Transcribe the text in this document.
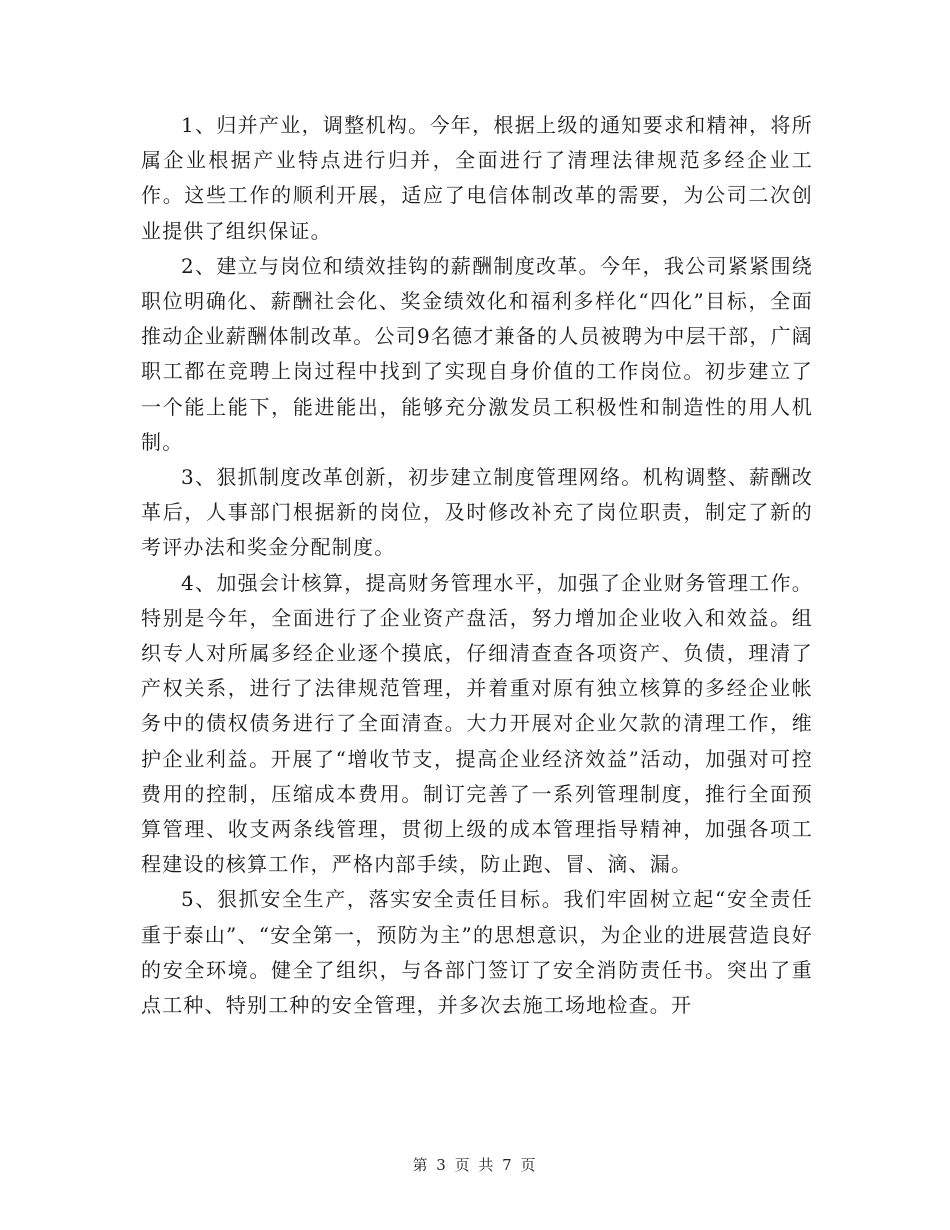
1、归并产业，调整机构。今年，根据上级的通知要求和精神，将所属企业根据产业特点进行归并，全面进行了清理法律规范多经企业工作。这些工作的顺利开展，适应了电信体制改革的需要，为公司二次创业提供了组织保证。

2、建立与岗位和绩效挂钩的薪酬制度改革。今年，我公司紧紧围绕职位明确化、薪酬社会化、奖金绩效化和福利多样化“四化”目标，全面推动企业薪酬体制改革。公司9名德才兼备的人员被聘为中层干部，广阔职工都在竞聘上岗过程中找到了实现自身价值的工作岗位。初步建立了一个能上能下，能进能出，能够充分激发员工积极性和制造性的用人机制。

3、狠抓制度改革创新，初步建立制度管理网络。机构调整、薪酬改革后，人事部门根据新的岗位，及时修改补充了岗位职责，制定了新的考评办法和奖金分配制度。

4、加强会计核算，提高财务管理水平，加强了企业财务管理工作。特别是今年，全面进行了企业资产盘活，努力增加企业收入和效益。组织专人对所属多经企业逐个摸底，仔细清查查各项资产、负债，理清了产权关系，进行了法律规范管理，并着重对原有独立核算的多经企业帐务中的债权债务进行了全面清查。大力开展对企业欠款的清理工作，维护企业利益。开展了“增收节支，提高企业经济效益”活动，加强对可控费用的控制，压缩成本费用。制订完善了一系列管理制度，推行全面预算管理、收支两条线管理，贯彻上级的成本管理指导精神，加强各项工程建设的核算工作，严格内部手续，防止跑、冒、滴、漏。

5、狠抓安全生产，落实安全责任目标。我们牢固树立起“安全责任重于泰山”、“安全第一，预防为主”的思想意识，为企业的进展营造良好的安全环境。健全了组织，与各部门签订了安全消防责任书。突出了重点工种、特别工种的安全管理，并多次去施工场地检查。开

第 3 页 共 7 页
